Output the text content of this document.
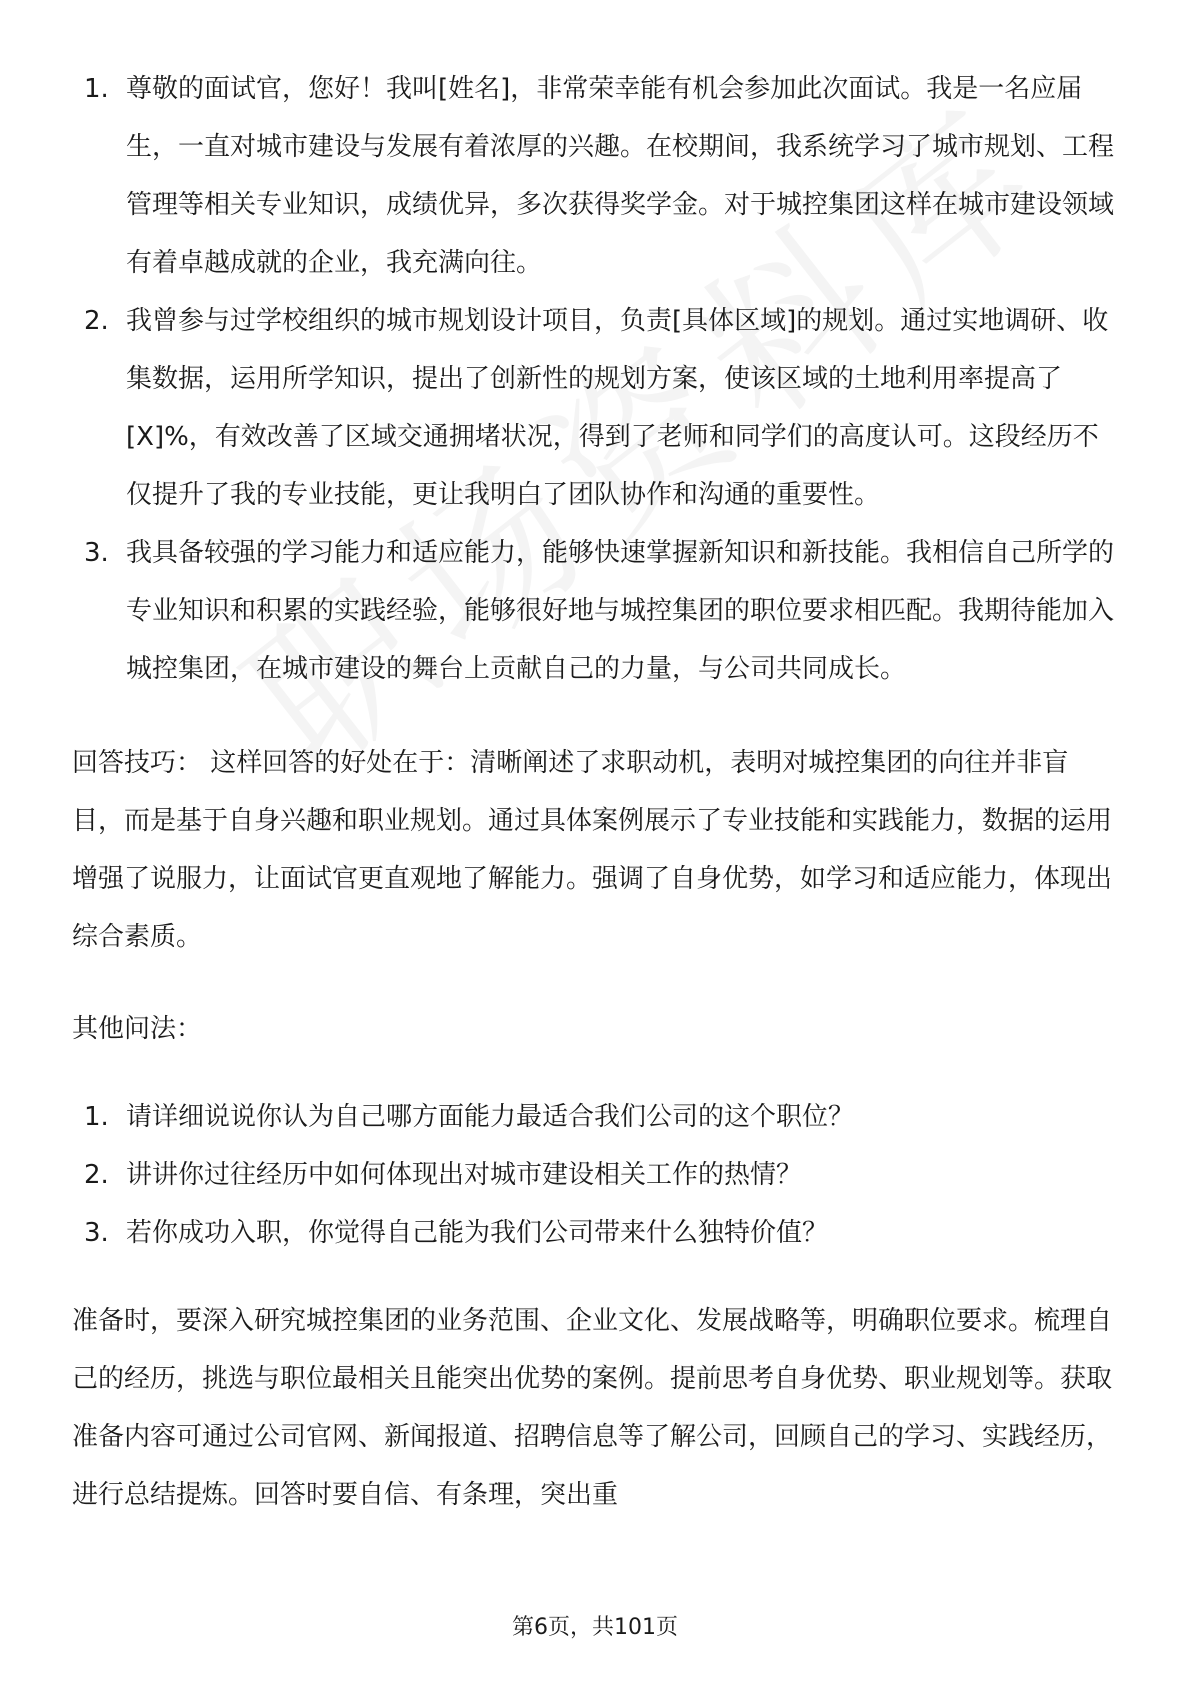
1. 尊敬的面试官，您好！我叫[姓名]，非常荣幸能有机会参加此次面试。我是一名应届生，一直对城市建设与发展有着浓厚的兴趣。在校期间，我系统学习了城市规划、工程管理等相关专业知识，成绩优异，多次获得奖学金。对于城控集团这样在城市建设领域有着卓越成就的企业，我充满向往。
2. 我曾参与过学校组织的城市规划设计项目，负责[具体区域]的规划。通过实地调研、收集数据，运用所学知识，提出了创新性的规划方案，使该区域的土地利用率提高了[X]%，有效改善了区域交通拥堵状况，得到了老师和同学们的高度认可。这段经历不仅提升了我的专业技能，更让我明白了团队协作和沟通的重要性。
3. 我具备较强的学习能力和适应能力，能够快速掌握新知识和新技能。我相信自己所学的专业知识和积累的实践经验，能够很好地与城控集团的职位要求相匹配。我期待能加入城控集团，在城市建设的舞台上贡献自己的力量，与公司共同成长。

回答技巧： 这样回答的好处在于：清晰阐述了求职动机，表明对城控集团的向往并非盲目，而是基于自身兴趣和职业规划。通过具体案例展示了专业技能和实践能力，数据的运用增强了说服力，让面试官更直观地了解能力。强调了自身优势，如学习和适应能力，体现出综合素质。

其他问法：

1. 请详细说说你认为自己哪方面能力最适合我们公司的这个职位？
2. 讲讲你过往经历中如何体现出对城市建设相关工作的热情？
3. 若你成功入职，你觉得自己能为我们公司带来什么独特价值？

准备时，要深入研究城控集团的业务范围、企业文化、发展战略等，明确职位要求。梳理自己的经历，挑选与职位最相关且能突出优势的案例。提前思考自身优势、职业规划等。获取准备内容可通过公司官网、新闻报道、招聘信息等了解公司，回顾自己的学习、实践经历，进行总结提炼。回答时要自信、有条理，突出重

第6页，共101页
